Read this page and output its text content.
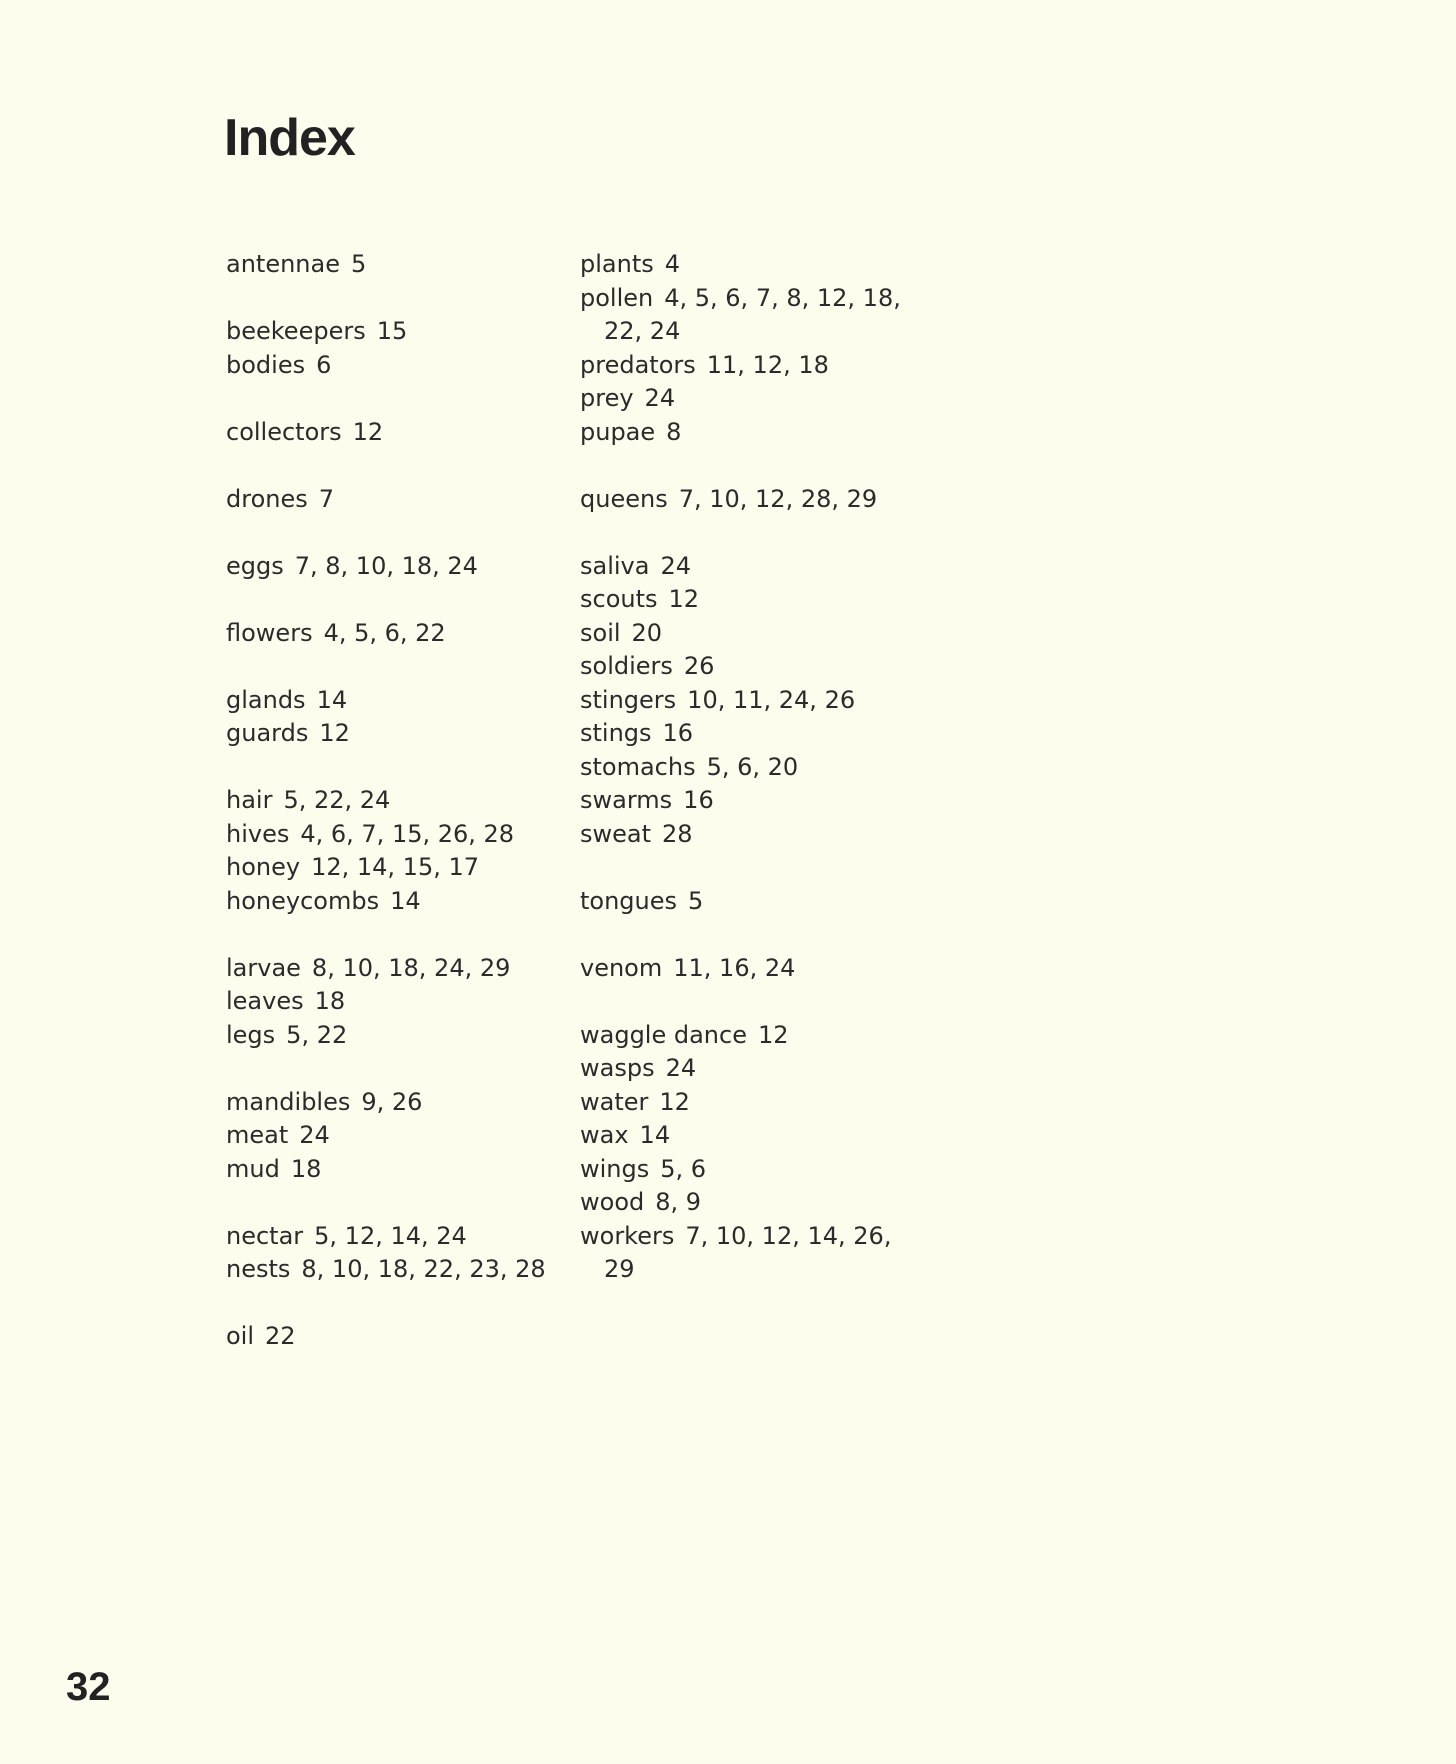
Index
antennae 5
beekeepers 15
bodies 6
collectors 12
drones 7
eggs 7, 8, 10, 18, 24
flowers 4, 5, 6, 22
glands 14
guards 12
hair 5, 22, 24
hives 4, 6, 7, 15, 26, 28
honey 12, 14, 15, 17
honeycombs 14
larvae 8, 10, 18, 24, 29
leaves 18
legs 5, 22
mandibles 9, 26
meat 24
mud 18
nectar 5, 12, 14, 24
nests 8, 10, 18, 22, 23, 28
oil 22
plants 4
pollen 4, 5, 6, 7, 8, 12, 18,
22, 24
predators 11, 12, 18
prey 24
pupae 8
queens 7, 10, 12, 28, 29
saliva 24
scouts 12
soil 20
soldiers 26
stingers 10, 11, 24, 26
stings 16
stomachs 5, 6, 20
swarms 16
sweat 28
tongues 5
venom 11, 16, 24
waggle dance 12
wasps 24
water 12
wax 14
wings 5, 6
wood 8, 9
workers 7, 10, 12, 14, 26,
29
32
